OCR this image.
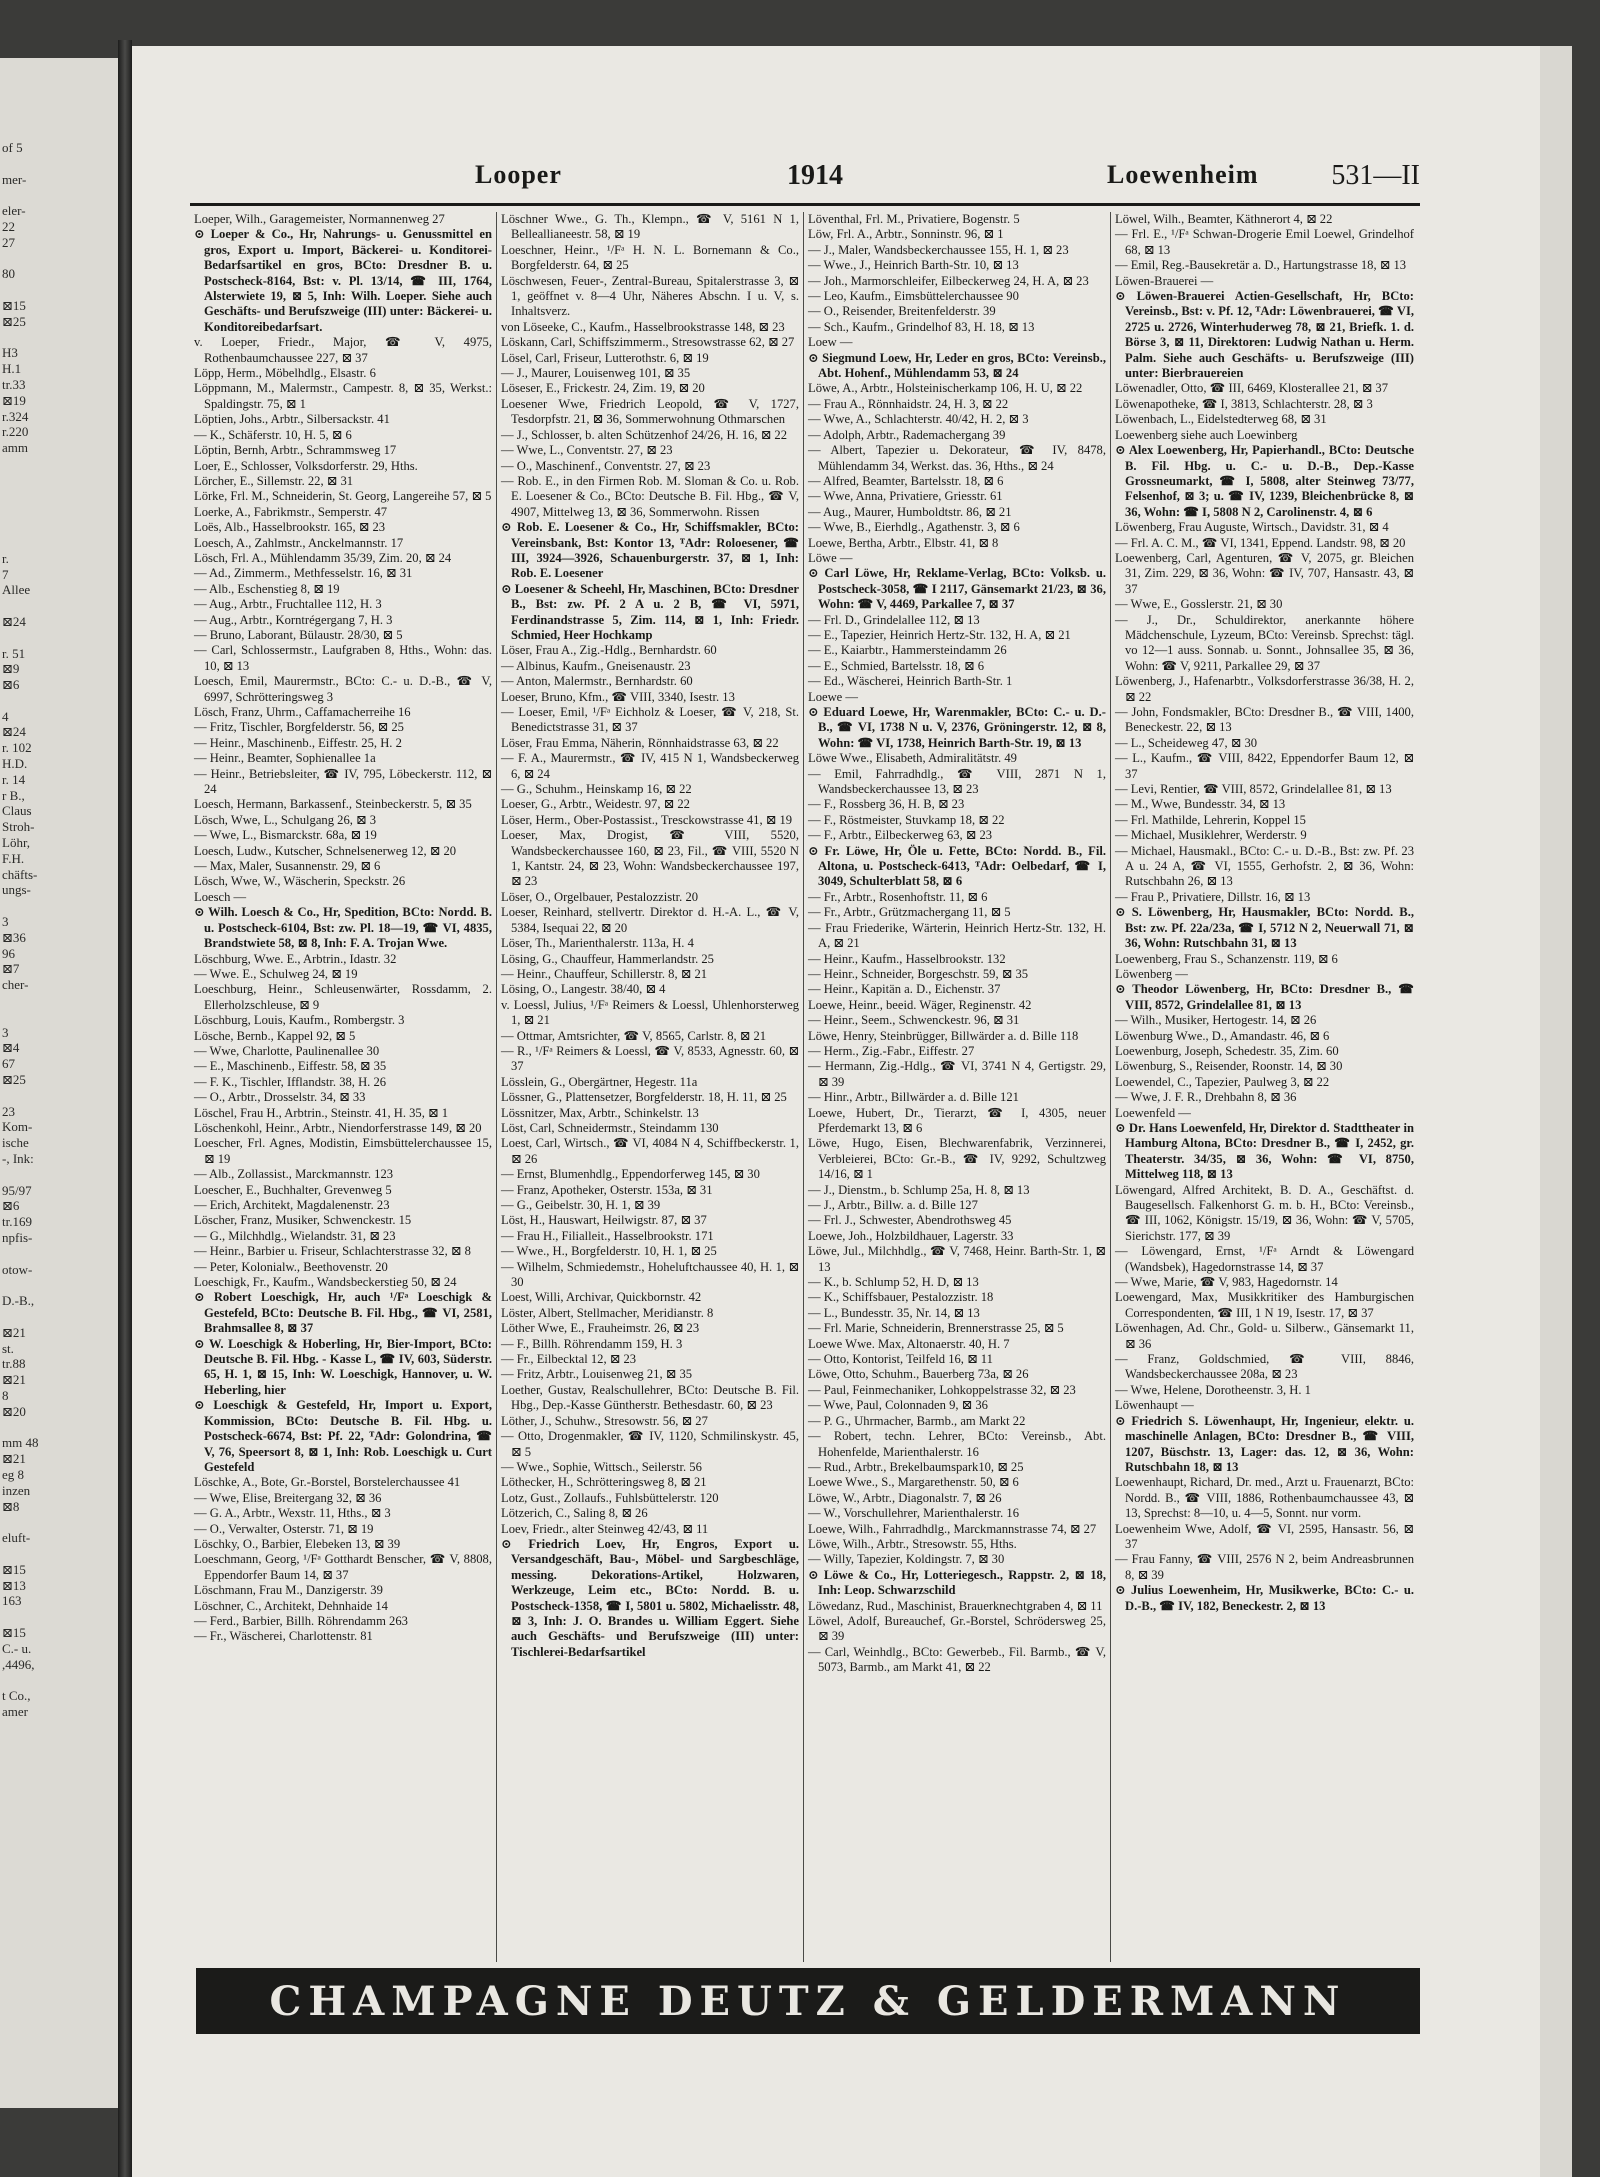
of 5

mer-

eler-
22
27

80

⊠15
⊠25

H3
H.1
tr.33
⊠19
r.324
r.220
amm

r.
7
Allee

⊠24

r. 51
⊠9
⊠6

4
⊠24
r. 102
H.D.
r. 14
r B.,
Claus
Stroh-
Löhr,
F.H.
chäfts-
ungs-

3
⊠36
96
⊠7
cher-

3
⊠4
67
⊠25

23
Kom-
ische
-, Ink:

95/97
⊠6
tr.169
npfis-

otow-

D.-B.,

⊠21
st.
tr.88
⊠21
8
⊠20

mm 48
⊠21
eg 8
inzen
⊠8

eluft-

⊠15
⊠13
163

⊠15
C.- u.
,4496,

t Co.,
amer
Looper	1914	Loewenheim	531—II
Loeper, Wilh., Garagemeister, Normannenweg 27
⊙ Loeper & Co., Hr, Nahrungs- u. Genussmittel en gros, Export u. Import, Bäckerei- u. Konditorei-Bedarfsartikel en gros, BCto: Dresdner B. u. Postscheck-8164, Bst: v. Pl. 13/14, ☎ III, 1764, Alsterwiete 19, ⊠ 5, Inh: Wilh. Loeper. Siehe auch Geschäfts- und Berufszweige (III) unter: Bäckerei- u. Konditoreibedarfsart.
v. Loeper, Friedr., Major, ☎ V, 4975, Rothenbaumchaussee 227, ⊠ 37
Löpp, Herm., Möbelhdlg., Elsastr. 6
Löppmann, M., Malermstr., Campestr. 8, ⊠ 35, Werkst.: Spaldingstr. 75, ⊠ 1
Löptien, Johs., Arbtr., Silbersackstr. 41
— K., Schäferstr. 10, H. 5, ⊠ 6
Löptin, Bernh, Arbtr., Schrammsweg 17
Loer, E., Schlosser, Volksdorferstr. 29, Hths.
Lörcher, E., Sillemstr. 22, ⊠ 31
Lörke, Frl. M., Schneiderin, St. Georg, Langereihe 57, ⊠ 5
Loerke, A., Fabrikmstr., Semperstr. 47
Loës, Alb., Hasselbrookstr. 165, ⊠ 23
Loesch, A., Zahlmstr., Anckelmannstr. 17
Lösch, Frl. A., Mühlendamm 35/39, Zim. 20, ⊠ 24
— Ad., Zimmerm., Methfesselstr. 16, ⊠ 31
— Alb., Eschenstieg 8, ⊠ 19
— Aug., Arbtr., Fruchtallee 112, H. 3
— Aug., Arbtr., Korntrégergang 7, H. 3
— Bruno, Laborant, Bülaustr. 28/30, ⊠ 5
— Carl, Schlossermstr., Laufgraben 8, Hths., Wohn: das. 10, ⊠ 13
Loesch, Emil, Maurermstr., BCto: C.- u. D.-B., ☎ V, 6997, Schrötteringsweg 3
Lösch, Franz, Uhrm., Caffamacherreihe 16
— Fritz, Tischler, Borgfelderstr. 56, ⊠ 25
— Heinr., Maschinenb., Eiffestr. 25, H. 2
— Heinr., Beamter, Sophienallee 1a
— Heinr., Betriebsleiter, ☎ IV, 795, Löbeckerstr. 112, ⊠ 24
Loesch, Hermann, Barkassenf., Steinbeckerstr. 5, ⊠ 35
Lösch, Wwe, L., Schulgang 26, ⊠ 3
— Wwe, L., Bismarckstr. 68a, ⊠ 19
Loesch, Ludw., Kutscher, Schnelsenerweg 12, ⊠ 20
— Max, Maler, Susannenstr. 29, ⊠ 6
Lösch, Wwe, W., Wäscherin, Speckstr. 26
Loesch —
⊙ Wilh. Loesch & Co., Hr, Spedition, BCto: Nordd. B. u. Postscheck-6104, Bst: zw. Pl. 18—19, ☎ VI, 4835, Brandstwiete 58, ⊠ 8, Inh: F. A. Trojan Wwe.
Löschburg, Wwe. E., Arbtrin., Idastr. 32
— Wwe. E., Schulweg 24, ⊠ 19
Loeschburg, Heinr., Schleusenwärter, Rossdamm, 2. Ellerholzschleuse, ⊠ 9
Löschburg, Louis, Kaufm., Rombergstr. 3
Lösche, Bernb., Kappel 92, ⊠ 5
— Wwe, Charlotte, Paulinenallee 30
— E., Maschinenb., Eiffestr. 58, ⊠ 35
— F. K., Tischler, Ifflandstr. 38, H. 26
— O., Arbtr., Drosselstr. 34, ⊠ 33
Löschel, Frau H., Arbtrin., Steinstr. 41, H. 35, ⊠ 1
Löschenkohl, Heinr., Arbtr., Niendorferstrasse 149, ⊠ 20
Loescher, Frl. Agnes, Modistin, Eimsbüttelerchaussee 15, ⊠ 19
— Alb., Zollassist., Marckmannstr. 123
Loescher, E., Buchhalter, Grevenweg 5
— Erich, Architekt, Magdalenenstr. 23
Löscher, Franz, Musiker, Schwenckestr. 15
— G., Milchhdlg., Wielandstr. 31, ⊠ 23
— Heinr., Barbier u. Friseur, Schlachterstrasse 32, ⊠ 8
— Peter, Kolonialw., Beethovenstr. 20
Loeschigk, Fr., Kaufm., Wandsbeckerstieg 50, ⊠ 24
⊙ Robert Loeschigk, Hr, auch ¹/Fᵃ Loeschigk & Gestefeld, BCto: Deutsche B. Fil. Hbg., ☎ VI, 2581, Brahmsallee 8, ⊠ 37
⊙ W. Loeschigk & Hoberling, Hr, Bier-Import, BCto: Deutsche B. Fil. Hbg. - Kasse L, ☎ IV, 603, Süderstr. 65, H. 1, ⊠ 15, Inh: W. Loeschigk, Hannover, u. W. Heberling, hier
⊙ Loeschigk & Gestefeld, Hr, Import u. Export, Kommission, BCto: Deutsche B. Fil. Hbg. u. Postscheck-6674, Bst: Pf. 22, ᵀAdr: Golondrina, ☎ V, 76, Speersort 8, ⊠ 1, Inh: Rob. Loeschigk u. Curt Gestefeld
Löschke, A., Bote, Gr.-Borstel, Borstelerchaussee 41
— Wwe, Elise, Breitergang 32, ⊠ 36
— G. A., Arbtr., Wexstr. 11, Hths., ⊠ 3
— O., Verwalter, Osterstr. 71, ⊠ 19
Löschky, O., Barbier, Elebeken 13, ⊠ 39
Loeschmann, Georg, ¹/Fᵃ Gotthardt Benscher, ☎ V, 8808, Eppendorfer Baum 14, ⊠ 37
Löschmann, Frau M., Danzigerstr. 39
Löschner, C., Architekt, Dehnhaide 14
— Ferd., Barbier, Billh. Röhrendamm 263
— Fr., Wäscherei, Charlottenstr. 81
Löschner Wwe., G. Th., Klempn., ☎ V, 5161 N 1, Belleallianeestr. 58, ⊠ 19
Loeschner, Heinr., ¹/Fᵃ H. N. L. Bornemann & Co., Borgfelderstr. 64, ⊠ 25
Löschwesen, Feuer-, Zentral-Bureau, Spitalerstrasse 3, ⊠ 1, geöffnet v. 8—4 Uhr, Näheres Abschn. I u. V, s. Inhaltsverz.
von Löseeke, C., Kaufm., Hasselbrookstrasse 148, ⊠ 23
Löskann, Carl, Schiffszimmerm., Stresowstrasse 62, ⊠ 27
Lösel, Carl, Friseur, Lutterothstr. 6, ⊠ 19
— J., Maurer, Louisenweg 101, ⊠ 35
Löseser, E., Frickestr. 24, Zim. 19, ⊠ 20
Loesener Wwe, Friedrich Leopold, ☎ V, 1727, Tesdorpfstr. 21, ⊠ 36, Sommerwohnung Othmarschen
— J., Schlosser, b. alten Schützenhof 24/26, H. 16, ⊠ 22
— Wwe, L., Conventstr. 27, ⊠ 23
— O., Maschinenf., Conventstr. 27, ⊠ 23
— Rob. E., in den Firmen Rob. M. Sloman & Co. u. Rob. E. Loesener & Co., BCto: Deutsche B. Fil. Hbg., ☎ V, 4907, Mittelweg 13, ⊠ 36, Sommerwohn. Rissen
⊙ Rob. E. Loesener & Co., Hr, Schiffsmakler, BCto: Vereinsbank, Bst: Kontor 13, ᵀAdr: Roloesener, ☎ III, 3924—3926, Schauenburgerstr. 37, ⊠ 1, Inh: Rob. E. Loesener
⊙ Loesener & Scheehl, Hr, Maschinen, BCto: Dresdner B., Bst: zw. Pf. 2 A u. 2 B, ☎ VI, 5971, Ferdinandstrasse 5, Zim. 114, ⊠ 1, Inh: Friedr. Schmied, Heer Hochkamp
Löser, Frau A., Zig.-Hdlg., Bernhardstr. 60
— Albinus, Kaufm., Gneisenaustr. 23
— Anton, Malermstr., Bernhardstr. 60
Loeser, Bruno, Kfm., ☎ VIII, 3340, Isestr. 13
— Loeser, Emil, ¹/Fᵃ Eichholz & Loeser, ☎ V, 218, St. Benedictstrasse 31, ⊠ 37
Löser, Frau Emma, Näherin, Rönnhaidstrasse 63, ⊠ 22
— F. A., Maurermstr., ☎ IV, 415 N 1, Wandsbeckerweg 6, ⊠ 24
— G., Schuhm., Heinskamp 16, ⊠ 22
Loeser, G., Arbtr., Weidestr. 97, ⊠ 22
Löser, Herm., Ober-Postassist., Tresckowstrasse 41, ⊠ 19
Loeser, Max, Drogist, ☎ VIII, 5520, Wandsbeckerchaussee 160, ⊠ 23, Fil., ☎ VIII, 5520 N 1, Kantstr. 24, ⊠ 23, Wohn: Wandsbeckerchaussee 197, ⊠ 23
Löser, O., Orgelbauer, Pestalozzistr. 20
Loeser, Reinhard, stellvertr. Direktor d. H.-A. L., ☎ V, 5384, Isequai 22, ⊠ 20
Löser, Th., Marienthalerstr. 113a, H. 4
Lösing, G., Chauffeur, Hammerlandstr. 25
— Heinr., Chauffeur, Schillerstr. 8, ⊠ 21
Lösing, O., Langestr. 38/40, ⊠ 4
v. Loessl, Julius, ¹/Fᵃ Reimers & Loessl, Uhlenhorsterweg 1, ⊠ 21
— Ottmar, Amtsrichter, ☎ V, 8565, Carlstr. 8, ⊠ 21
— R., ¹/Fᵃ Reimers & Loessl, ☎ V, 8533, Agnesstr. 60, ⊠ 37
Lösslein, G., Obergärtner, Hegestr. 11a
Lössner, G., Plattensetzer, Borgfelderstr. 18, H. 11, ⊠ 25
Lössnitzer, Max, Arbtr., Schinkelstr. 13
Löst, Carl, Schneidermstr., Steindamm 130
Loest, Carl, Wirtsch., ☎ VI, 4084 N 4, Schiffbeckerstr. 1, ⊠ 26
— Ernst, Blumenhdlg., Eppendorferweg 145, ⊠ 30
— Franz, Apotheker, Osterstr. 153a, ⊠ 31
— G., Geibelstr. 30, H. 1, ⊠ 39
Löst, H., Hauswart, Heilwigstr. 87, ⊠ 37
— Frau H., Filialleit., Hasselbrookstr. 171
— Wwe., H., Borgfelderstr. 10, H. 1, ⊠ 25
— Wilhelm, Schmiedemstr., Hoheluftchaussee 40, H. 1, ⊠ 30
Loest, Willi, Archivar, Quickbornstr. 42
Löster, Albert, Stellmacher, Meridianstr. 8
Löther Wwe, E., Frauheimstr. 26, ⊠ 23
— F., Billh. Röhrendamm 159, H. 3
— Fr., Eilbecktal 12, ⊠ 23
— Fritz, Arbtr., Louisenweg 21, ⊠ 35
Loether, Gustav, Realschullehrer, BCto: Deutsche B. Fil. Hbg., Dep.-Kasse Güntherstr. Bethesdastr. 60, ⊠ 23
Löther, J., Schuhw., Stresowstr. 56, ⊠ 27
— Otto, Drogenmakler, ☎ IV, 1120, Schmilinskystr. 45, ⊠ 5
— Wwe., Sophie, Wittsch., Seilerstr. 56
Löthecker, H., Schrötteringsweg 8, ⊠ 21
Lotz, Gust., Zollaufs., Fuhlsbüttelerstr. 120
Lötzerich, C., Saling 8, ⊠ 26
Loev, Friedr., alter Steinweg 42/43, ⊠ 11
⊙ Friedrich Loev, Hr, Engros, Export u. Versandgeschäft, Bau-, Möbel- und Sargbeschläge, messing. Dekorations-Artikel, Holzwaren, Werkzeuge, Leim etc., BCto: Nordd. B. u. Postscheck-1358, ☎ I, 5801 u. 5802, Michaelisstr. 48, ⊠ 3, Inh: J. O. Brandes u. William Eggert. Siehe auch Geschäfts- und Berufszweige (III) unter: Tischlerei-Bedarfsartikel
Löventhal, Frl. M., Privatiere, Bogenstr. 5
Löw, Frl. A., Arbtr., Sonninstr. 96, ⊠ 1
— J., Maler, Wandsbeckerchaussee 155, H. 1, ⊠ 23
— Wwe., J., Heinrich Barth-Str. 10, ⊠ 13
— Joh., Marmorschleifer, Eilbeckerweg 24, H. A, ⊠ 23
— Leo, Kaufm., Eimsbüttelerchaussee 90
— O., Reisender, Breitenfelderstr. 39
— Sch., Kaufm., Grindelhof 83, H. 18, ⊠ 13
Loew —
⊙ Siegmund Loew, Hr, Leder en gros, BCto: Vereinsb., Abt. Hohenf., Mühlendamm 53, ⊠ 24
Löwe, A., Arbtr., Holsteinischerkamp 106, H. U, ⊠ 22
— Frau A., Rönnhaidstr. 24, H. 3, ⊠ 22
— Wwe, A., Schlachterstr. 40/42, H. 2, ⊠ 3
— Adolph, Arbtr., Rademachergang 39
— Albert, Tapezier u. Dekorateur, ☎ IV, 8478, Mühlendamm 34, Werkst. das. 36, Hths., ⊠ 24
— Alfred, Beamter, Bartelsstr. 18, ⊠ 6
— Wwe, Anna, Privatiere, Griesstr. 61
— Aug., Maurer, Humboldtstr. 86, ⊠ 21
— Wwe, B., Eierhdlg., Agathenstr. 3, ⊠ 6
Loewe, Bertha, Arbtr., Elbstr. 41, ⊠ 8
Löwe —
⊙ Carl Löwe, Hr, Reklame-Verlag, BCto: Volksb. u. Postscheck-3058, ☎ I 2117, Gänsemarkt 21/23, ⊠ 36, Wohn: ☎ V, 4469, Parkallee 7, ⊠ 37
— Frl. D., Grindelallee 112, ⊠ 13
— E., Tapezier, Heinrich Hertz-Str. 132, H. A, ⊠ 21
— E., Kaiarbtr., Hammersteindamm 26
— E., Schmied, Bartelsstr. 18, ⊠ 6
— Ed., Wäscherei, Heinrich Barth-Str. 1
Loewe —
⊙ Eduard Loewe, Hr, Warenmakler, BCto: C.- u. D.-B., ☎ VI, 1738 N u. V, 2376, Gröningerstr. 12, ⊠ 8, Wohn: ☎ VI, 1738, Heinrich Barth-Str. 19, ⊠ 13
Löwe Wwe., Elisabeth, Admiralitätstr. 49
— Emil, Fahrradhdlg., ☎ VIII, 2871 N 1, Wandsbeckerchaussee 13, ⊠ 23
— F., Rossberg 36, H. B, ⊠ 23
— F., Röstmeister, Stuvkamp 18, ⊠ 22
— F., Arbtr., Eilbeckerweg 63, ⊠ 23
⊙ Fr. Löwe, Hr, Öle u. Fette, BCto: Nordd. B., Fil. Altona, u. Postscheck-6413, ᵀAdr: Oelbedarf, ☎ I, 3049, Schulterblatt 58, ⊠ 6
— Fr., Arbtr., Rosenhoftstr. 11, ⊠ 6
— Fr., Arbtr., Grützmachergang 11, ⊠ 5
— Frau Friederike, Wärterin, Heinrich Hertz-Str. 132, H. A, ⊠ 21
— Heinr., Kaufm., Hasselbrookstr. 132
— Heinr., Schneider, Borgeschstr. 59, ⊠ 35
— Heinr., Kapitän a. D., Eichenstr. 37
Loewe, Heinr., beeid. Wäger, Reginenstr. 42
— Heinr., Seem., Schwenckestr. 96, ⊠ 31
Löwe, Henry, Steinbrügger, Billwärder a. d. Bille 118
— Herm., Zig.-Fabr., Eiffestr. 27
— Hermann, Zig.-Hdlg., ☎ VI, 3741 N 4, Gertigstr. 29, ⊠ 39
— Hinr., Arbtr., Billwärder a. d. Bille 121
Loewe, Hubert, Dr., Tierarzt, ☎ I, 4305, neuer Pferdemarkt 13, ⊠ 6
Löwe, Hugo, Eisen, Blechwarenfabrik, Verzinnerei, Verbleierei, BCto: Gr.-B., ☎ IV, 9292, Schultzweg 14/16, ⊠ 1
— J., Dienstm., b. Schlump 25a, H. 8, ⊠ 13
— J., Arbtr., Billw. a. d. Bille 127
— Frl. J., Schwester, Abendrothsweg 45
Loewe, Joh., Holzbildhauer, Lagerstr. 33
Löwe, Jul., Milchhdlg., ☎ V, 7468, Heinr. Barth-Str. 1, ⊠ 13
— K., b. Schlump 52, H. D, ⊠ 13
— K., Schiffsbauer, Pestalozzistr. 18
— L., Bundesstr. 35, Nr. 14, ⊠ 13
— Frl. Marie, Schneiderin, Brennerstrasse 25, ⊠ 5
Loewe Wwe. Max, Altonaerstr. 40, H. 7
— Otto, Kontorist, Teilfeld 16, ⊠ 11
Löwe, Otto, Schuhm., Bauerberg 73a, ⊠ 26
— Paul, Feinmechaniker, Lohkoppelstrasse 32, ⊠ 23
— Wwe, Paul, Colonnaden 9, ⊠ 36
— P. G., Uhrmacher, Barmb., am Markt 22
— Robert, techn. Lehrer, BCto: Vereinsb., Abt. Hohenfelde, Marienthalerstr. 16
— Rud., Arbtr., Brekelbaumspark10, ⊠ 25
Loewe Wwe., S., Margarethenstr. 50, ⊠ 6
Löwe, W., Arbtr., Diagonalstr. 7, ⊠ 26
— W., Vorschullehrer, Marienthalerstr. 16
Loewe, Wilh., Fahrradhdlg., Marckmannstrasse 74, ⊠ 27
Löwe, Wilh., Arbtr., Stresowstr. 55, Hths.
— Willy, Tapezier, Koldingstr. 7, ⊠ 30
⊙ Löwe & Co., Hr, Lotteriegesch., Rappstr. 2, ⊠ 18, Inh: Leop. Schwarzschild
Löwedanz, Rud., Maschinist, Brauerknechtgraben 4, ⊠ 11
Löwel, Adolf, Bureauchef, Gr.-Borstel, Schrödersweg 25, ⊠ 39
— Carl, Weinhdlg., BCto: Gewerbeb., Fil. Barmb., ☎ V, 5073, Barmb., am Markt 41, ⊠ 22
Löwel, Wilh., Beamter, Käthnerort 4, ⊠ 22
— Frl. E., ¹/Fᵃ Schwan-Drogerie Emil Loewel, Grindelhof 68, ⊠ 13
— Emil, Reg.-Bausekretär a. D., Hartungstrasse 18, ⊠ 13
Löwen-Brauerei —
⊙ Löwen-Brauerei Actien-Gesellschaft, Hr, BCto: Vereinsb., Bst: v. Pf. 12, ᵀAdr: Löwenbrauerei, ☎ VI, 2725 u. 2726, Winterhuderweg 78, ⊠ 21, Briefk. 1. d. Börse 3, ⊠ 11, Direktoren: Ludwig Nathan u. Herm. Palm. Siehe auch Geschäfts- u. Berufszweige (III) unter: Bierbrauereien
Löwenadler, Otto, ☎ III, 6469, Klosterallee 21, ⊠ 37
Löwenapotheke, ☎ I, 3813, Schlachterstr. 28, ⊠ 3
Löwenbach, L., Eidelstedterweg 68, ⊠ 31
Loewenberg siehe auch Loewinberg
⊙ Alex Loewenberg, Hr, Papierhandl., BCto: Deutsche B. Fil. Hbg. u. C.- u. D.-B., Dep.-Kasse Grossneumarkt, ☎ I, 5808, alter Steinweg 73/77, Felsenhof, ⊠ 3; u. ☎ IV, 1239, Bleichenbrücke 8, ⊠ 36, Wohn: ☎ I, 5808 N 2, Carolinenstr. 4, ⊠ 6
Löwenberg, Frau Auguste, Wirtsch., Davidstr. 31, ⊠ 4
— Frl. A. C. M., ☎ VI, 1341, Eppend. Landstr. 98, ⊠ 20
Loewenberg, Carl, Agenturen, ☎ V, 2075, gr. Bleichen 31, Zim. 229, ⊠ 36, Wohn: ☎ IV, 707, Hansastr. 43, ⊠ 37
— Wwe, E., Gosslerstr. 21, ⊠ 30
— J., Dr., Schuldirektor, anerkannte höhere Mädchenschule, Lyzeum, BCto: Vereinsb. Sprechst: tägl. vo 12—1 auss. Sonnab. u. Sonnt., Johnsallee 35, ⊠ 36, Wohn: ☎ V, 9211, Parkallee 29, ⊠ 37
Löwenberg, J., Hafenarbtr., Volksdorferstrasse 36/38, H. 2, ⊠ 22
— John, Fondsmakler, BCto: Dresdner B., ☎ VIII, 1400, Beneckestr. 22, ⊠ 13
— L., Scheideweg 47, ⊠ 30
— L., Kaufm., ☎ VIII, 8422, Eppendorfer Baum 12, ⊠ 37
— Levi, Rentier, ☎ VIII, 8572, Grindelallee 81, ⊠ 13
— M., Wwe, Bundesstr. 34, ⊠ 13
— Frl. Mathilde, Lehrerin, Koppel 15
— Michael, Musiklehrer, Werderstr. 9
— Michael, Hausmakl., BCto: C.- u. D.-B., Bst: zw. Pf. 23 A u. 24 A, ☎ VI, 1555, Gerhofstr. 2, ⊠ 36, Wohn: Rutschbahn 26, ⊠ 13
— Frau P., Privatiere, Dillstr. 16, ⊠ 13
⊙ S. Löwenberg, Hr, Hausmakler, BCto: Nordd. B., Bst: zw. Pf. 22a/23a, ☎ I, 5712 N 2, Neuerwall 71, ⊠ 36, Wohn: Rutschbahn 31, ⊠ 13
Loewenberg, Frau S., Schanzenstr. 119, ⊠ 6
Löwenberg —
⊙ Theodor Löwenberg, Hr, BCto: Dresdner B., ☎ VIII, 8572, Grindelallee 81, ⊠ 13
— Wilh., Musiker, Hertogestr. 14, ⊠ 26
Löwenburg Wwe., D., Amandastr. 46, ⊠ 6
Loewenburg, Joseph, Schedestr. 35, Zim. 60
Löwenburg, S., Reisender, Roonstr. 14, ⊠ 30
Loewendel, C., Tapezier, Paulweg 3, ⊠ 22
— Wwe, J. F. R., Drehbahn 8, ⊠ 36
Loewenfeld —
⊙ Dr. Hans Loewenfeld, Hr, Direktor d. Stadttheater in Hamburg Altona, BCto: Dresdner B., ☎ I, 2452, gr. Theaterstr. 34/35, ⊠ 36, Wohn: ☎ VI, 8750, Mittelweg 118, ⊠ 13
Löwengard, Alfred Architekt, B. D. A., Geschäftst. d. Baugesellsch. Falkenhorst G. m. b. H., BCto: Vereinsb., ☎ III, 1062, Königstr. 15/19, ⊠ 36, Wohn: ☎ V, 5705, Sierichstr. 177, ⊠ 39
— Löwengard, Ernst, ¹/Fᵃ Arndt & Löwengard (Wandsbek), Hagedornstrasse 14, ⊠ 37
— Wwe, Marie, ☎ V, 983, Hagedornstr. 14
Loewengard, Max, Musikkritiker des Hamburgischen Correspondenten, ☎ III, 1 N 19, Isestr. 17, ⊠ 37
Löwenhagen, Ad. Chr., Gold- u. Silberw., Gänsemarkt 11, ⊠ 36
— Franz, Goldschmied, ☎ VIII, 8846, Wandsbeckerchaussee 208a, ⊠ 23
— Wwe, Helene, Dorotheenstr. 3, H. 1
Löwenhaupt —
⊙ Friedrich S. Löwenhaupt, Hr, Ingenieur, elektr. u. maschinelle Anlagen, BCto: Dresdner B., ☎ VIII, 1207, Büschstr. 13, Lager: das. 12, ⊠ 36, Wohn: Rutschbahn 18, ⊠ 13
Loewenhaupt, Richard, Dr. med., Arzt u. Frauenarzt, BCto: Nordd. B., ☎ VIII, 1886, Rothenbaumchaussee 43, ⊠ 13, Sprechst: 8—10, u. 4—5, Sonnt. nur vorm.
Loewenheim Wwe, Adolf, ☎ VI, 2595, Hansastr. 56, ⊠ 37
— Frau Fanny, ☎ VIII, 2576 N 2, beim Andreasbrunnen 8, ⊠ 39
⊙ Julius Loewenheim, Hr, Musikwerke, BCto: C.- u. D.-B., ☎ IV, 182, Beneckestr. 2, ⊠ 13
CHAMPAGNE DEUTZ & GELDERMANN
